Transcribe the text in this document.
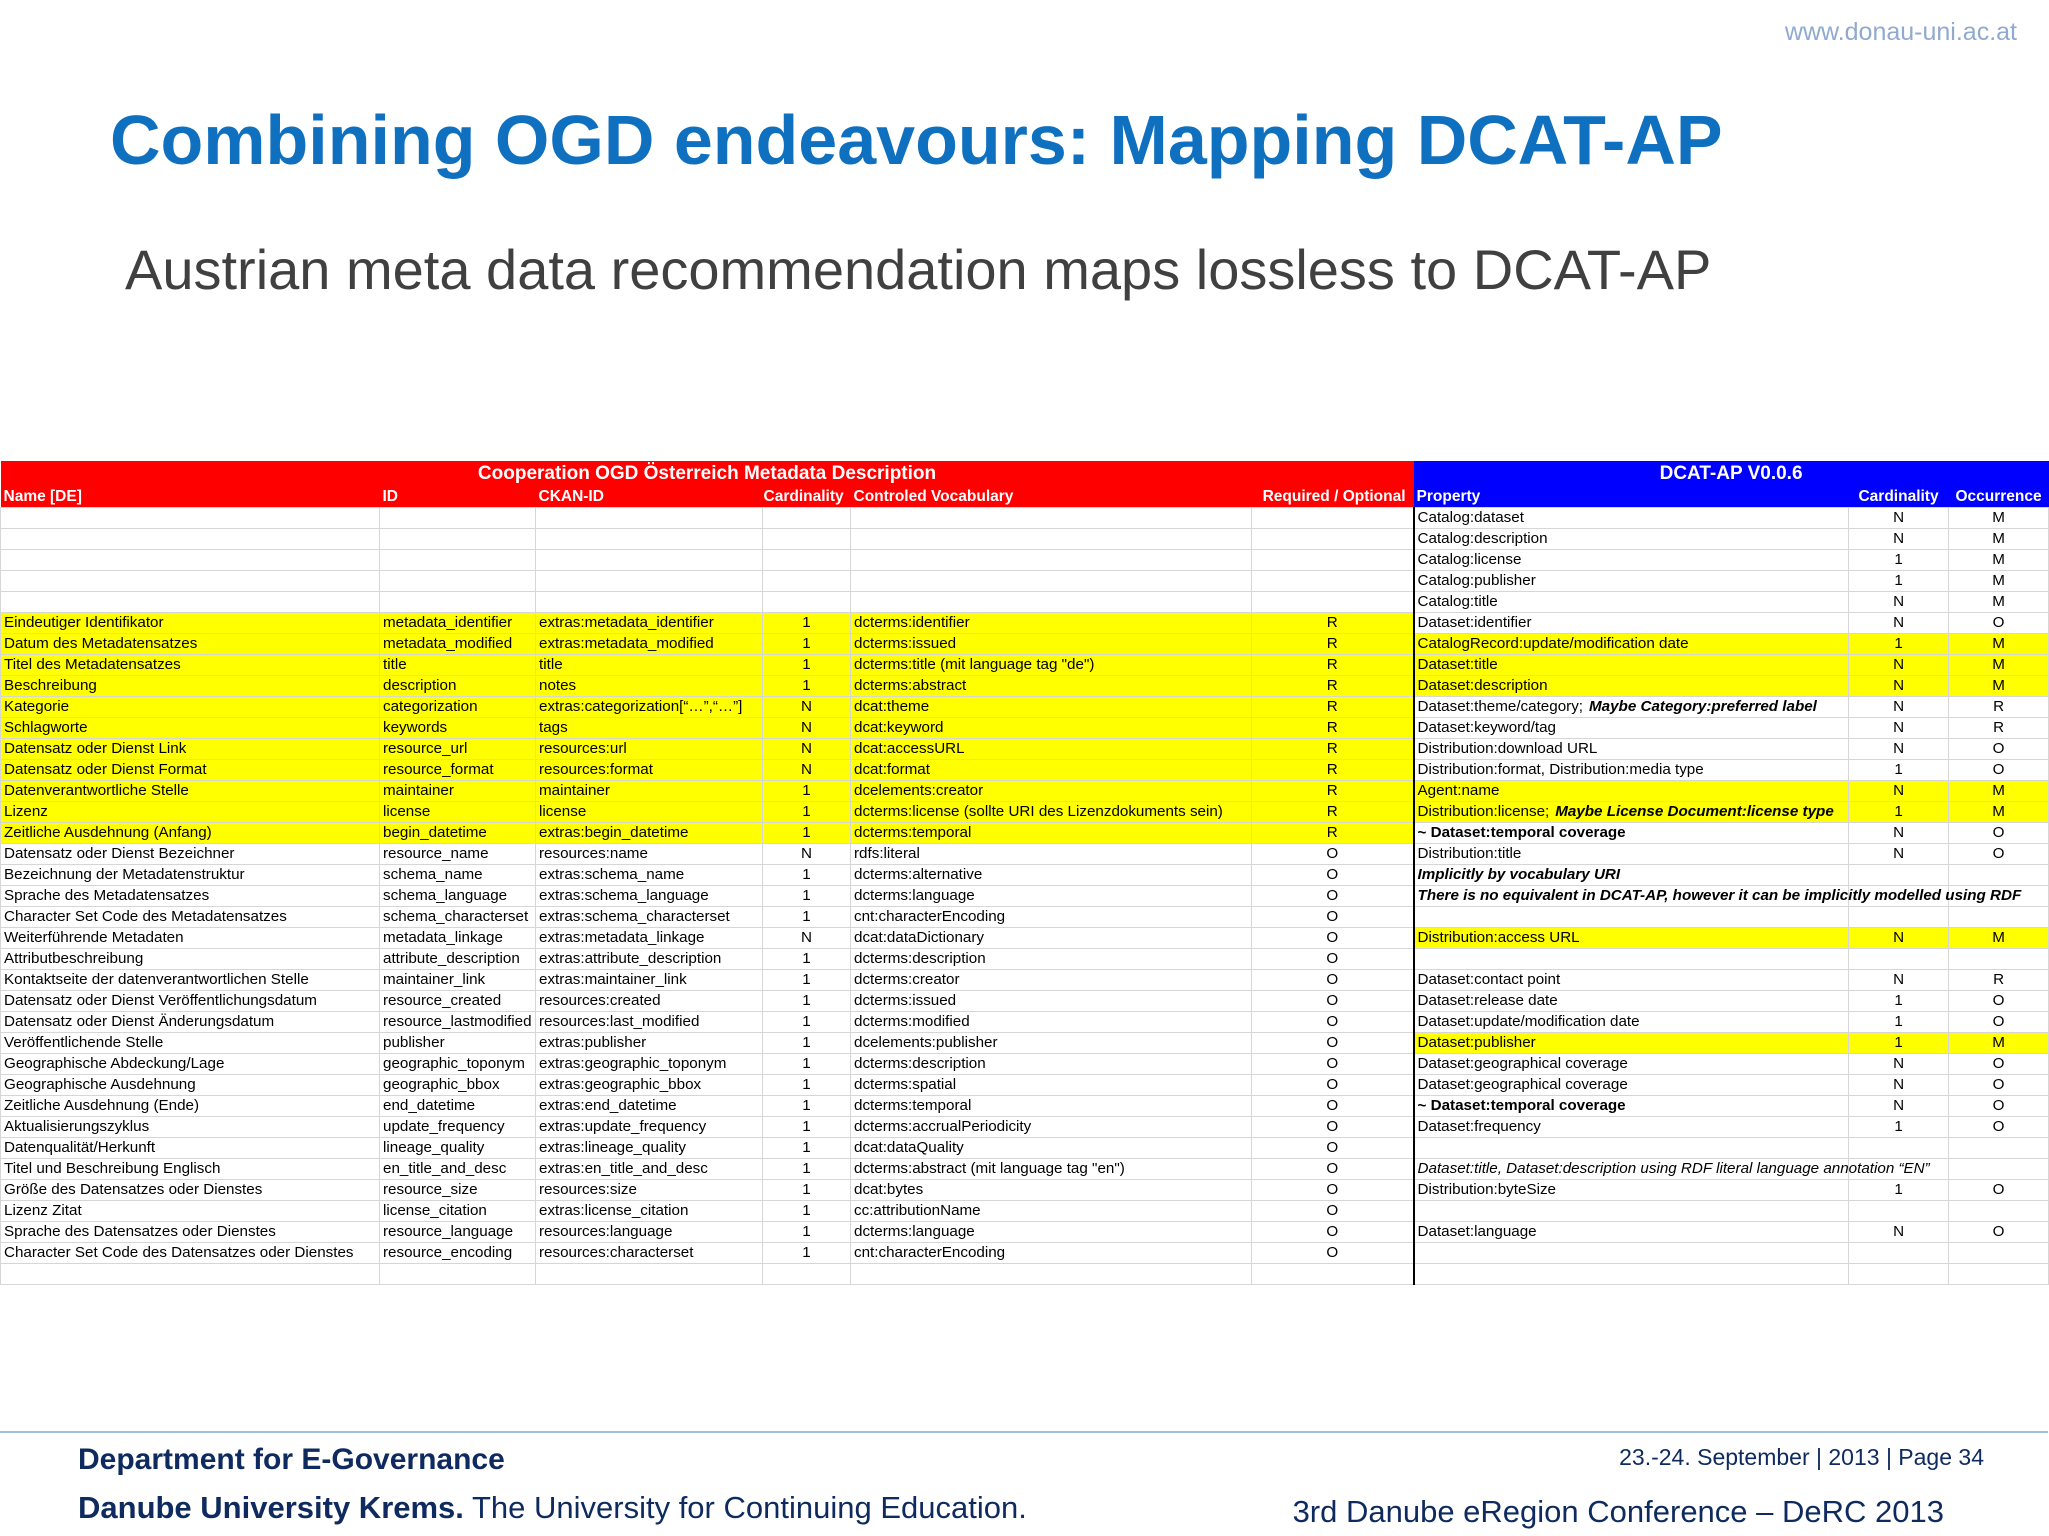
www.donau-uni.ac.at
Combining OGD endeavours: Mapping DCAT-AP
Austrian meta data recommendation maps lossless to DCAT-AP
Cooperation OGD Österreich Metadata Description						DCAT-AP V0.0.6		
Name [DE]	ID	CKAN-ID	Cardinality	Controled Vocabulary	Required / Optional	Property	Cardinality	Occurrence
						Catalog:dataset	N	M
						Catalog:description	N	M
						Catalog:license	1	M
						Catalog:publisher	1	M
						Catalog:title	N	M
Eindeutiger Identifikator	metadata_identifier	extras:metadata_identifier	1	dcterms:identifier	R	Dataset:identifier	N	O
Datum des Metadatensatzes	metadata_modified	extras:metadata_modified	1	dcterms:issued	R	CatalogRecord:update/modification date	1	M
Titel des Metadatensatzes	title	title	1	dcterms:title (mit language tag "de")	R	Dataset:title	N	M
Beschreibung	description	notes	1	dcterms:abstract	R	Dataset:description	N	M
Kategorie	categorization	extras:categorization[“…”,“…”]	N	dcat:theme	R	Dataset:theme/category; Maybe Category:preferred label	N	R
Schlagworte	keywords	tags	N	dcat:keyword	R	Dataset:keyword/tag	N	R
Datensatz oder Dienst Link	resource_url	resources:url	N	dcat:accessURL	R	Distribution:download URL	N	O
Datensatz oder Dienst Format	resource_format	resources:format	N	dcat:format	R	Distribution:format, Distribution:media type	1	O
Datenverantwortliche Stelle	maintainer	maintainer	1	dcelements:creator	R	Agent:name	N	M
Lizenz	license	license	1	dcterms:license (sollte URI des Lizenzdokuments sein)	R	Distribution:license; Maybe License Document:license type	1	M
Zeitliche Ausdehnung (Anfang)	begin_datetime	extras:begin_datetime	1	dcterms:temporal	R	~ Dataset:temporal coverage	N	O
Datensatz oder Dienst Bezeichner	resource_name	resources:name	N	rdfs:literal	O	Distribution:title	N	O
Bezeichnung der Metadatenstruktur	schema_name	extras:schema_name	1	dcterms:alternative	O	Implicitly by vocabulary URI		
Sprache des Metadatensatzes	schema_language	extras:schema_language	1	dcterms:language	O	There is no equivalent in DCAT-AP, however it can be implicitly modelled using RDF		
Character Set Code des Metadatensatzes	schema_characterset	extras:schema_characterset	1	cnt:characterEncoding	O			
Weiterführende Metadaten	metadata_linkage	extras:metadata_linkage	N	dcat:dataDictionary	O	Distribution:access URL	N	M
Attributbeschreibung	attribute_description	extras:attribute_description	1	dcterms:description	O			
Kontaktseite der datenverantwortlichen Stelle	maintainer_link	extras:maintainer_link	1	dcterms:creator	O	Dataset:contact point	N	R
Datensatz oder Dienst Veröffentlichungsdatum	resource_created	resources:created	1	dcterms:issued	O	Dataset:release date	1	O
Datensatz oder Dienst Änderungsdatum	resource_lastmodified	resources:last_modified	1	dcterms:modified	O	Dataset:update/modification date	1	O
Veröffentlichende Stelle	publisher	extras:publisher	1	dcelements:publisher	O	Dataset:publisher	1	M
Geographische Abdeckung/Lage	geographic_toponym	extras:geographic_toponym	1	dcterms:description	O	Dataset:geographical coverage	N	O
Geographische Ausdehnung	geographic_bbox	extras:geographic_bbox	1	dcterms:spatial	O	Dataset:geographical coverage	N	O
Zeitliche Ausdehnung (Ende)	end_datetime	extras:end_datetime	1	dcterms:temporal	O	~ Dataset:temporal coverage	N	O
Aktualisierungszyklus	update_frequency	extras:update_frequency	1	dcterms:accrualPeriodicity	O	Dataset:frequency	1	O
Datenqualität/Herkunft	lineage_quality	extras:lineage_quality	1	dcat:dataQuality	O			
Titel und Beschreibung Englisch	en_title_and_desc	extras:en_title_and_desc	1	dcterms:abstract (mit language tag "en")	O	Dataset:title, Dataset:description using RDF literal language annotation “EN”		
Größe des Datensatzes oder Dienstes	resource_size	resources:size	1	dcat:bytes	O	Distribution:byteSize	1	O
Lizenz Zitat	license_citation	extras:license_citation	1	cc:attributionName	O			
Sprache des Datensatzes oder Dienstes	resource_language	resources:language	1	dcterms:language	O	Dataset:language	N	O
Character Set Code des Datensatzes oder Dienstes	resource_encoding	resources:characterset	1	cnt:characterEncoding	O			

Department for E-Governance
Danube University Krems. The University for Continuing Education.
23.-24. September | 2013 | Page 34
3rd Danube eRegion Conference – DeRC 2013
